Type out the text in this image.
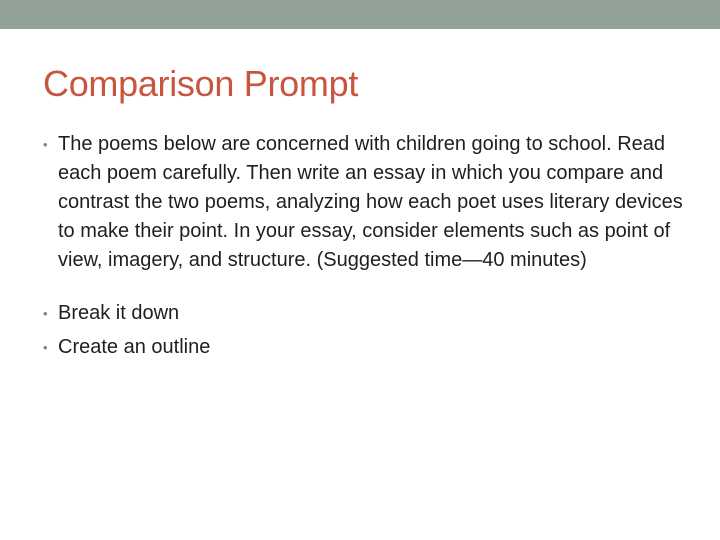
Comparison Prompt
• The poems below are concerned with children going to school. Read each poem carefully. Then write an essay in which you compare and contrast the two poems, analyzing how each poet uses literary devices to make their point. In your essay, consider elements such as point of view, imagery, and structure. (Suggested time—40 minutes)
• Break it down
• Create an outline
